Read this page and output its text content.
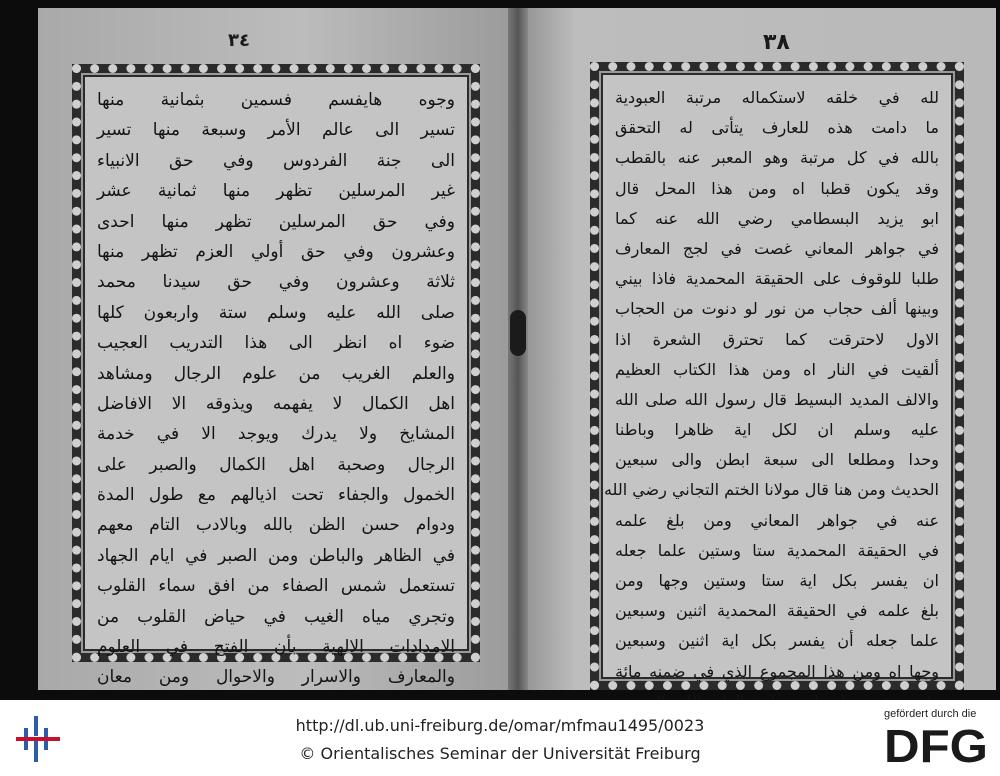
٣٤
وجوه هايفسم فسمين بثمانية منها
تسير الى عالم الأمر وسبعة منها تسير
الى جنة الفردوس وفي حق الانبياء
غير المرسلين تظهر منها ثمانية عشر
وفي حق المرسلين تظهر منها احدى
وعشرون وفي حق أولي العزم تظهر منها
ثلاثة وعشرون وفي حق سيدنا محمد
صلى الله عليه وسلم ستة واربعون كلها
ضوء اه انظر الى هذا التدريب العجيب
والعلم الغريب من علوم الرجال ومشاهد
اهل الكمال لا يفهمه ويذوقه الا الافاضل
المشايخ ولا يدرك ويوجد الا في خدمة
الرجال وصحبة اهل الكمال والصبر على
الخمول والجفاء تحت اذيالهم مع طول المدة
ودوام حسن الظن بالله وبالادب التام معهم
في الظاهر والباطن ومن الصبر في ايام الجهاد
تستعمل شمس الصفاء من افق سماء القلوب
وتجري مياه الغيب في حياض القلوب من
الامدادات الالهية بأن الفتح في العلوم
والمعارف والاسرار والاحوال ومن معان
٣٨
لله في خلقه لاستكماله مرتبة العبودية
ما دامت هذه للعارف يتأتى له التحقق
بالله في كل مرتبة وهو المعبر عنه بالقطب
وقد يكون قطبا اه ومن هذا المحل قال
ابو يزيد البسطامي رضي الله عنه كما
في جواهر المعاني غصت في لجج المعارف
طلبا للوقوف على الحقيقة المحمدية فاذا بيني
وبينها ألف حجاب من نور لو دنوت من الحجاب
الاول لاحترقت كما تحترق الشعرة اذا
ألقيت في النار اه ومن هذا الكتاب العظيم
والالف المديد البسيط قال رسول الله صلى الله
عليه وسلم ان لكل اية ظاهرا وباطنا
وحدا ومطلعا الى سبعة ابطن والى سبعين
الحديث ومن هنا قال مولانا الختم التجاني رضي الله
عنه في جواهر المعاني ومن بلغ علمه
في الحقيقة المحمدية ستا وستين علما جعله
ان يفسر بكل اية ستا وستين وجها ومن
بلغ علمه في الحقيقة المحمدية اثنين وسبعين
علما جعله أن يفسر بكل اية اثنين وسبعين
وجها اه ومن هذا المجموع الذي في ضمنه مائة
http://dl.ub.uni-freiburg.de/omar/mfmau1495/0023
© Orientalisches Seminar der Universität Freiburg
gefördert durch die
DFG
